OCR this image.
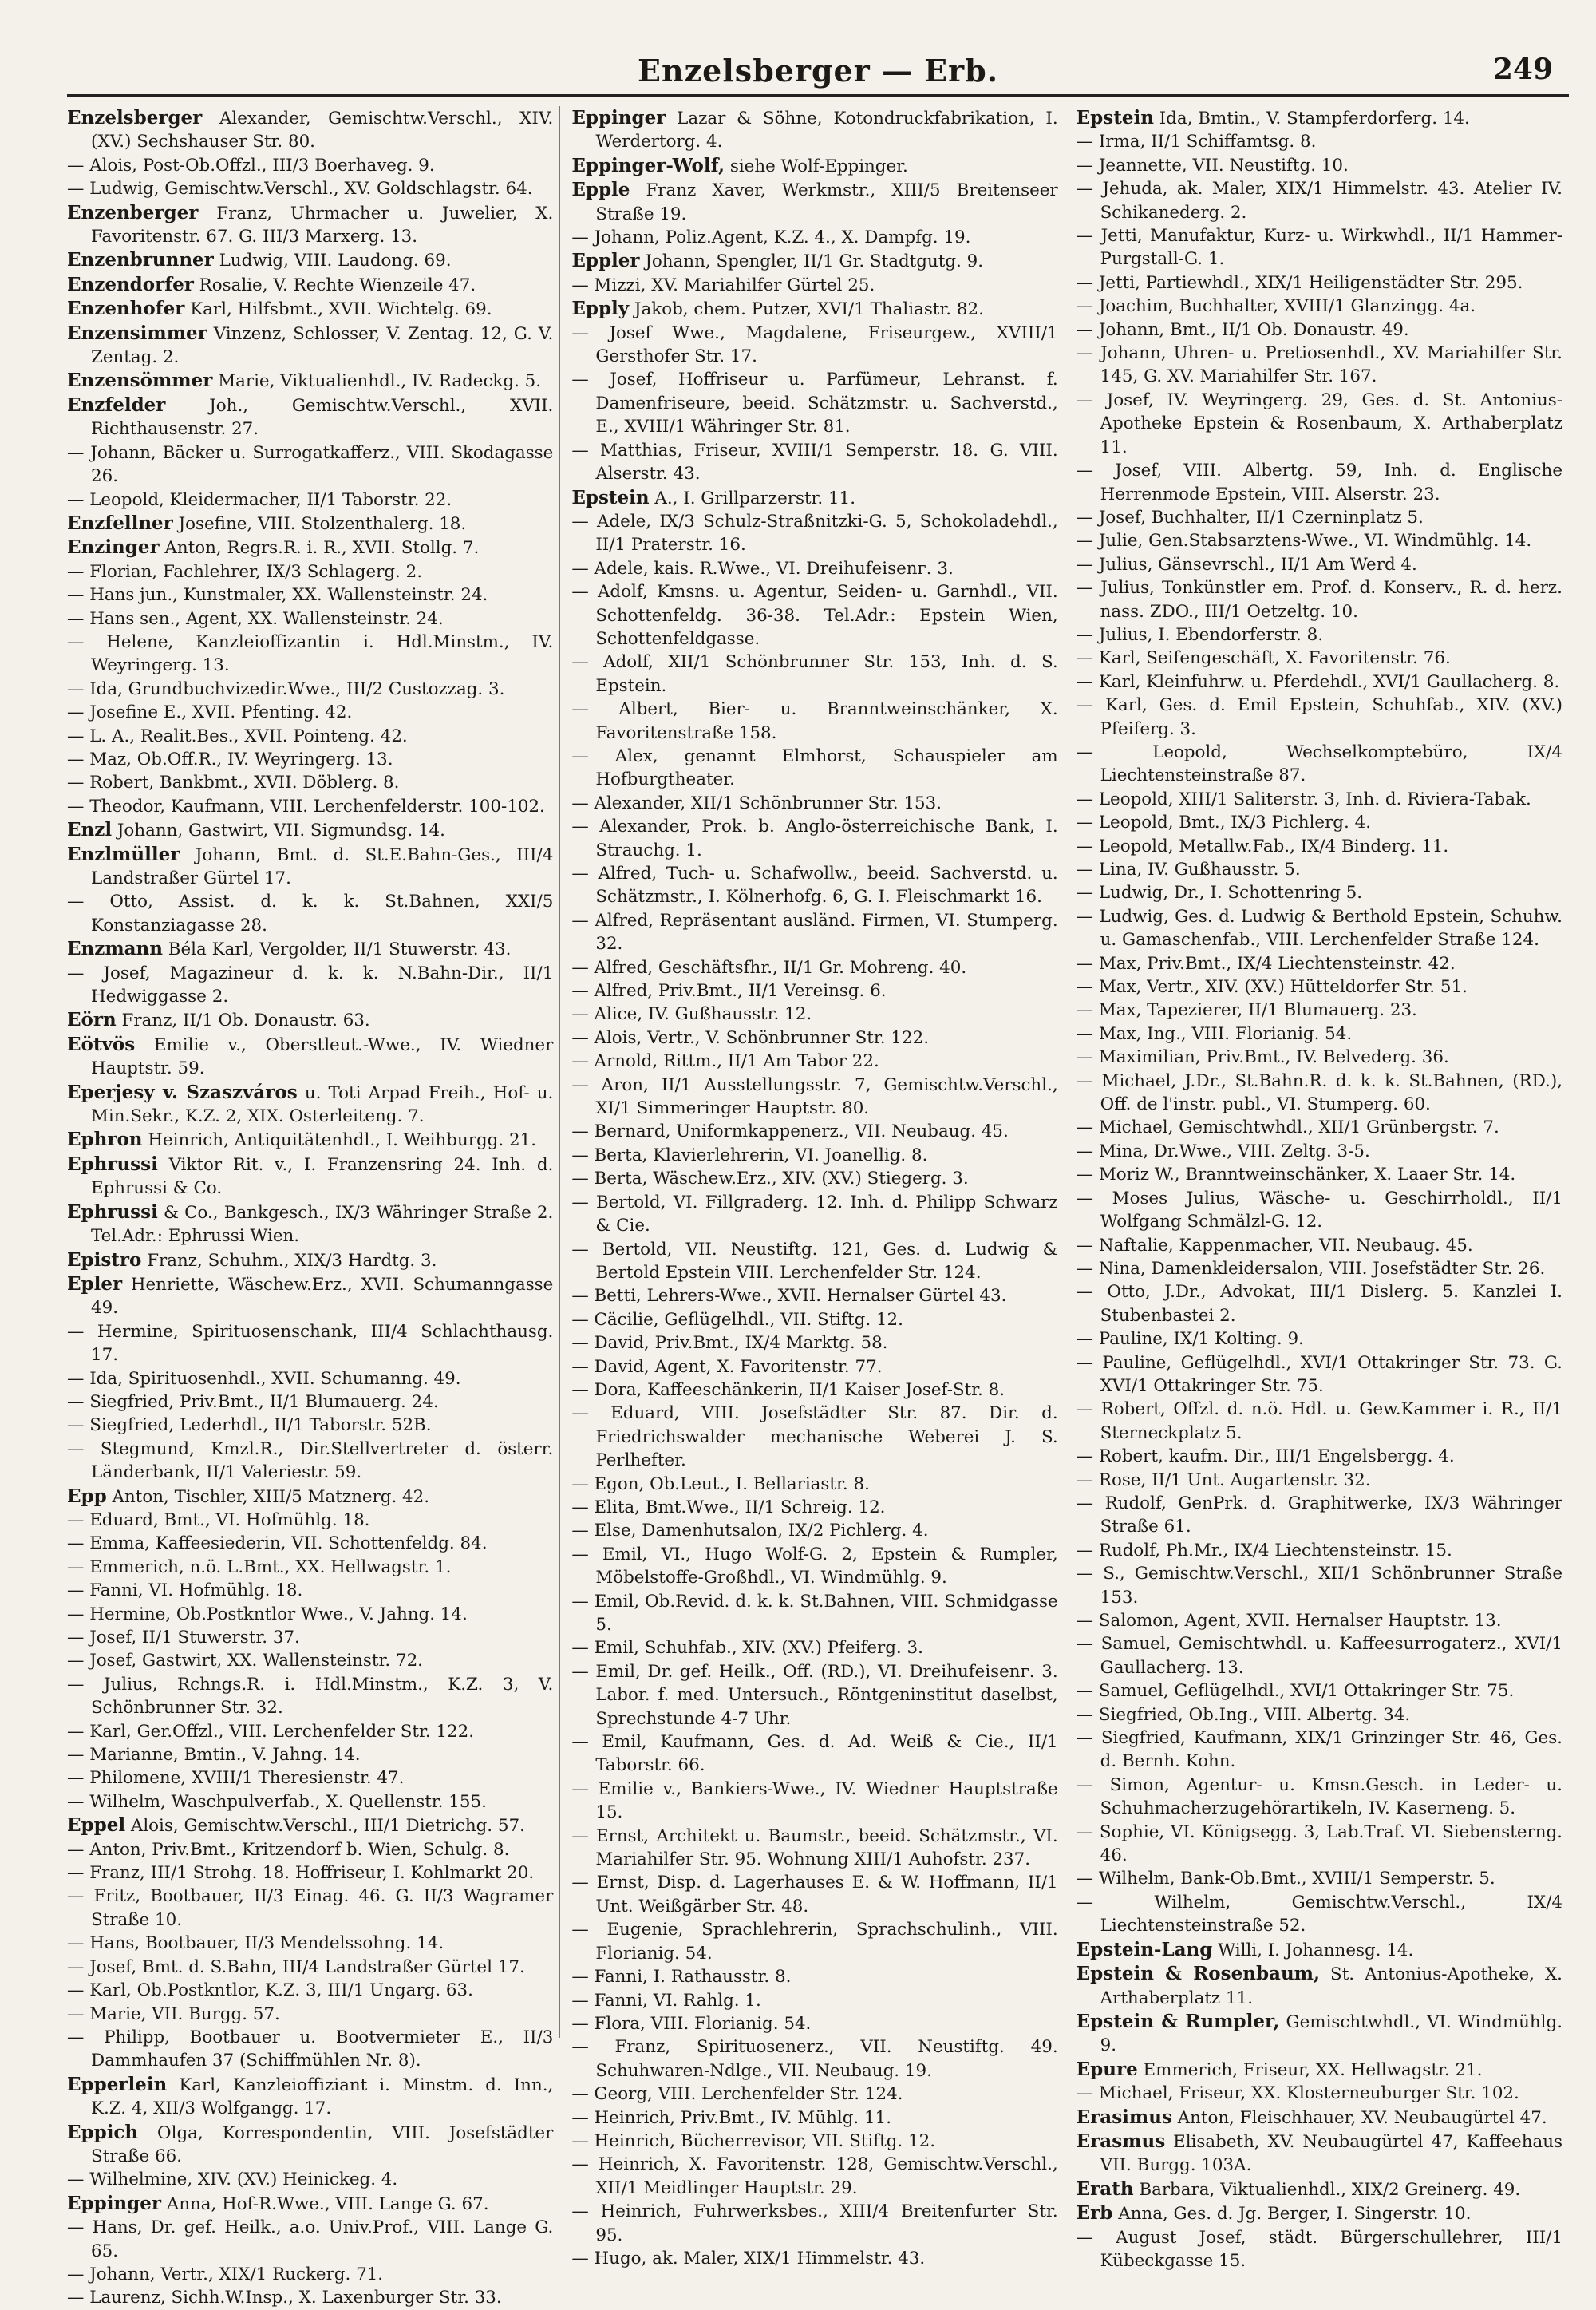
Enzelsberger — Erb.	249

Enzelsberger Alexander, Gemischtw.Verschl., XIV. (XV.) Sechshauser Str. 80.

— Alois, Post-Ob.Offzl., III/3 Boerhaveg. 9.

— Ludwig, Gemischtw.Verschl., XV. Goldschlagstr. 64.

Enzenberger Franz, Uhrmacher u. Juwelier, X. Favoritenstr. 67. G. III/3 Marxerg. 13.

Enzenbrunner Ludwig, VIII. Laudong. 69.

Enzendorfer Rosalie, V. Rechte Wienzeile 47.

Enzenhofer Karl, Hilfsbmt., XVII. Wichtelg. 69.

Enzensimmer Vinzenz, Schlosser, V. Zentag. 12, G. V. Zentag. 2.

Enzensömmer Marie, Viktualienhdl., IV. Radeckg. 5.

Enzfelder Joh., Gemischtw.Verschl., XVII. Richthausenstr. 27.

— Johann, Bäcker u. Surrogatkafferz., VIII. Skodagasse 26.

— Leopold, Kleidermacher, II/1 Taborstr. 22.

Enzfellner Josefine, VIII. Stolzenthalerg. 18.

Enzinger Anton, Regrs.R. i. R., XVII. Stollg. 7.

— Florian, Fachlehrer, IX/3 Schlagerg. 2.

— Hans jun., Kunstmaler, XX. Wallensteinstr. 24.

— Hans sen., Agent, XX. Wallensteinstr. 24.

— Helene, Kanzleioffizantin i. Hdl.Minstm., IV. Weyringerg. 13.

— Ida, Grundbuchvizedir.Wwe., III/2 Custozzag. 3.

— Josefine E., XVII. Pfenting. 42.

— L. A., Realit.Bes., XVII. Pointeng. 42.

— Maz, Ob.Off.R., IV. Weyringerg. 13.

— Robert, Bankbmt., XVII. Döblerg. 8.

— Theodor, Kaufmann, VIII. Lerchenfelderstr. 100-102.

Enzl Johann, Gastwirt, VII. Sigmundsg. 14.

Enzlmüller Johann, Bmt. d. St.E.Bahn-Ges., III/4 Landstraßer Gürtel 17.

— Otto, Assist. d. k. k. St.Bahnen, XXI/5 Konstanziagasse 28.

Enzmann Béla Karl, Vergolder, II/1 Stuwerstr. 43.

— Josef, Magazineur d. k. k. N.Bahn-Dir., II/1 Hedwiggasse 2.

Eörn Franz, II/1 Ob. Donaustr. 63.

Eötvös Emilie v., Oberstleut.-Wwe., IV. Wiedner Hauptstr. 59.

Eperjesy v. Szaszváros u. Toti Arpad Freih., Hof- u. Min.Sekr., K.Z. 2, XIX. Osterleiteng. 7.

Ephron Heinrich, Antiquitätenhdl., I. Weihburgg. 21.

Ephrussi Viktor Rit. v., I. Franzensring 24. Inh. d. Ephrussi & Co.

Ephrussi & Co., Bankgesch., IX/3 Währinger Straße 2. Tel.Adr.: Ephrussi Wien.

Epistro Franz, Schuhm., XIX/3 Hardtg. 3.

Epler Henriette, Wäschew.Erz., XVII. Schumanngasse 49.

— Hermine, Spirituosenschank, III/4 Schlachthausg. 17.

— Ida, Spirituosenhdl., XVII. Schumanng. 49.

— Siegfried, Priv.Bmt., II/1 Blumauerg. 24.

— Siegfried, Lederhdl., II/1 Taborstr. 52B.

— Stegmund, Kmzl.R., Dir.Stellvertreter d. österr. Länderbank, II/1 Valeriestr. 59.

Epp Anton, Tischler, XIII/5 Matznerg. 42.

— Eduard, Bmt., VI. Hofmühlg. 18.

— Emma, Kaffeesiederin, VII. Schottenfeldg. 84.

— Emmerich, n.ö. L.Bmt., XX. Hellwagstr. 1.

— Fanni, VI. Hofmühlg. 18.

— Hermine, Ob.Postkntlor Wwe., V. Jahng. 14.

— Josef, II/1 Stuwerstr. 37.

— Josef, Gastwirt, XX. Wallensteinstr. 72.

— Julius, Rchngs.R. i. Hdl.Minstm., K.Z. 3, V. Schönbrunner Str. 32.

— Karl, Ger.Offzl., VIII. Lerchenfelder Str. 122.

— Marianne, Bmtin., V. Jahng. 14.

— Philomene, XVIII/1 Theresienstr. 47.

— Wilhelm, Waschpulverfab., X. Quellenstr. 155.

Eppel Alois, Gemischtw.Verschl., III/1 Dietrichg. 57.

— Anton, Priv.Bmt., Kritzendorf b. Wien, Schulg. 8.

— Franz, III/1 Strohg. 18. Hoffriseur, I. Kohlmarkt 20.

— Fritz, Bootbauer, II/3 Einag. 46. G. II/3 Wagramer Straße 10.

— Hans, Bootbauer, II/3 Mendelssohng. 14.

— Josef, Bmt. d. S.Bahn, III/4 Landstraßer Gürtel 17.

— Karl, Ob.Postkntlor, K.Z. 3, III/1 Ungarg. 63.

— Marie, VII. Burgg. 57.

— Philipp, Bootbauer u. Bootvermieter E., II/3 Dammhaufen 37 (Schiffmühlen Nr. 8).

Epperlein Karl, Kanzleioffiziant i. Minstm. d. Inn., K.Z. 4, XII/3 Wolfgangg. 17.

Eppich Olga, Korrespondentin, VIII. Josefstädter Straße 66.

— Wilhelmine, XIV. (XV.) Heinickeg. 4.

Eppinger Anna, Hof-R.Wwe., VIII. Lange G. 67.

— Hans, Dr. gef. Heilk., a.o. Univ.Prof., VIII. Lange G. 65.

— Johann, Vertr., XIX/1 Ruckerg. 71.

— Laurenz, Sichh.W.Insp., X. Laxenburger Str. 33.

Eppinger Lazar & Söhne, Kotondruckfabrikation, I. Werdertorg. 4.

Eppinger-Wolf, siehe Wolf-Eppinger.

Epple Franz Xaver, Werkmstr., XIII/5 Breitenseer Straße 19.

— Johann, Poliz.Agent, K.Z. 4., X. Dampfg. 19.

Eppler Johann, Spengler, II/1 Gr. Stadtgutg. 9.

— Mizzi, XV. Mariahilfer Gürtel 25.

Epply Jakob, chem. Putzer, XVI/1 Thaliastr. 82.

— Josef Wwe., Magdalene, Friseurgew., XVIII/1 Gersthofer Str. 17.

— Josef, Hoffriseur u. Parfümeur, Lehranst. f. Damenfriseure, beeid. Schätzmstr. u. Sachverstd., E., XVIII/1 Währinger Str. 81.

— Matthias, Friseur, XVIII/1 Semperstr. 18. G. VIII. Alserstr. 43.

Epstein A., I. Grillparzerstr. 11.

— Adele, IX/3 Schulz-Straßnitzki-G. 5, Schokoladehdl., II/1 Praterstr. 16.

— Adele, kais. R.Wwe., VI. Dreihufeisenг. 3.

— Adolf, Kmsns. u. Agentur, Seiden- u. Garnhdl., VII. Schottenfeldg. 36-38. Tel.Adr.: Epstein Wien, Schottenfeldgasse.

— Adolf, XII/1 Schönbrunner Str. 153, Inh. d. S. Epstein.

— Albert, Bier- u. Branntweinschänker, X. Favoritenstraße 158.

— Alex, genannt Elmhorst, Schauspieler am Hofburgtheater.

— Alexander, XII/1 Schönbrunner Str. 153.

— Alexander, Prok. b. Anglo-österreichische Bank, I. Strauchg. 1.

— Alfred, Tuch- u. Schafwollw., beeid. Sachverstd. u. Schätzmstr., I. Kölnerhofg. 6, G. I. Fleischmarkt 16.

— Alfred, Repräsentant ausländ. Firmen, VI. Stumperg. 32.

— Alfred, Geschäftsfhr., II/1 Gr. Mohreng. 40.

— Alfred, Priv.Bmt., II/1 Vereinsg. 6.

— Alice, IV. Gußhausstr. 12.

— Alois, Vertr., V. Schönbrunner Str. 122.

— Arnold, Rittm., II/1 Am Tabor 22.

— Aron, II/1 Ausstellungsstr. 7, Gemischtw.Verschl., XI/1 Simmeringer Hauptstr. 80.

— Bernard, Uniformkappenerz., VII. Neubaug. 45.

— Berta, Klavierlehrerin, VI. Joanellig. 8.

— Berta, Wäschew.Erz., XIV. (XV.) Stiegerg. 3.

— Bertold, VI. Fillgraderg. 12. Inh. d. Philipp Schwarz & Cie.

— Bertold, VII. Neustiftg. 121, Ges. d. Ludwig & Bertold Epstein VIII. Lerchenfelder Str. 124.

— Betti, Lehrers-Wwe., XVII. Hernalser Gürtel 43.

— Cäcilie, Geflügelhdl., VII. Stiftg. 12.

— David, Priv.Bmt., IX/4 Marktg. 58.

— David, Agent, X. Favoritenstr. 77.

— Dora, Kaffeeschänkerin, II/1 Kaiser Josef-Str. 8.

— Eduard, VIII. Josefstädter Str. 87. Dir. d. Friedrichswalder mechanische Weberei J. S. Perlhefter.

— Egon, Ob.Leut., I. Bellariastr. 8.

— Elita, Bmt.Wwe., II/1 Schreig. 12.

— Else, Damenhutsalon, IX/2 Pichlerg. 4.

— Emil, VI., Hugo Wolf-G. 2, Epstein & Rumpler, Möbelstoffe-Großhdl., VI. Windmühlg. 9.

— Emil, Ob.Revid. d. k. k. St.Bahnen, VIII. Schmidgasse 5.

— Emil, Schuhfab., XIV. (XV.) Pfeiferg. 3.

— Emil, Dr. gef. Heilk., Off. (RD.), VI. Dreihufeisenг. 3. Labor. f. med. Untersuch., Röntgeninstitut daselbst, Sprechstunde 4-7 Uhr.

— Emil, Kaufmann, Ges. d. Ad. Weiß & Cie., II/1 Taborstr. 66.

— Emilie v., Bankiers-Wwe., IV. Wiedner Hauptstraße 15.

— Ernst, Architekt u. Baumstr., beeid. Schätzmstr., VI. Mariahilfer Str. 95. Wohnung XIII/1 Auhofstr. 237.

— Ernst, Disp. d. Lagerhauses E. & W. Hoffmann, II/1 Unt. Weißgärber Str. 48.

— Eugenie, Sprachlehrerin, Sprachschulinh., VIII. Florianig. 54.

— Fanni, I. Rathausstr. 8.

— Fanni, VI. Rahlg. 1.

— Flora, VIII. Florianig. 54.

— Franz, Spirituosenerz., VII. Neustiftg. 49. Schuhwaren-Ndlge., VII. Neubaug. 19.

— Georg, VIII. Lerchenfelder Str. 124.

— Heinrich, Priv.Bmt., IV. Mühlg. 11.

— Heinrich, Bücherrevisor, VII. Stiftg. 12.

— Heinrich, X. Favoritenstr. 128, Gemischtw.Verschl., XII/1 Meidlinger Hauptstr. 29.

— Heinrich, Fuhrwerksbes., XIII/4 Breitenfurter Str. 95.

— Hugo, ak. Maler, XIX/1 Himmelstr. 43.

Epstein Ida, Bmtin., V. Stampferdorferg. 14.

— Irma, II/1 Schiffamtsg. 8.

— Jeannette, VII. Neustiftg. 10.

— Jehuda, ak. Maler, XIX/1 Himmelstr. 43. Atelier IV. Schikanederg. 2.

— Jetti, Manufaktur, Kurz- u. Wirkwhdl., II/1 Hammer-Purgstall-G. 1.

— Jetti, Partiewhdl., XIX/1 Heiligenstädter Str. 295.

— Joachim, Buchhalter, XVIII/1 Glanzingg. 4a.

— Johann, Bmt., II/1 Ob. Donaustr. 49.

— Johann, Uhren- u. Pretiosenhdl., XV. Mariahilfer Str. 145, G. XV. Mariahilfer Str. 167.

— Josef, IV. Weyringerg. 29, Ges. d. St. Antonius-Apotheke Epstein & Rosenbaum, X. Arthaberplatz 11.

— Josef, VIII. Albertg. 59, Inh. d. Englische Herrenmode Epstein, VIII. Alserstr. 23.

— Josef, Buchhalter, II/1 Czerninplatz 5.

— Julie, Gen.Stabsarztens-Wwe., VI. Windmühlg. 14.

— Julius, Gänsevrschl., II/1 Am Werd 4.

— Julius, Tonkünstler em. Prof. d. Konserv., R. d. herz. nass. ZDO., III/1 Oetzeltg. 10.

— Julius, I. Ebendorferstr. 8.

— Karl, Seifengeschäft, X. Favoritenstr. 76.

— Karl, Kleinfuhrw. u. Pferdehdl., XVI/1 Gaullacherg. 8.

— Karl, Ges. d. Emil Epstein, Schuhfab., XIV. (XV.) Pfeiferg. 3.

— Leopold, Wechselkomptebüro, IX/4 Liechtensteinstraße 87.

— Leopold, XIII/1 Saliterstr. 3, Inh. d. Riviera-Tabak.

— Leopold, Bmt., IX/3 Pichlerg. 4.

— Leopold, Metallw.Fab., IX/4 Binderg. 11.

— Lina, IV. Gußhausstr. 5.

— Ludwig, Dr., I. Schottenring 5.

— Ludwig, Ges. d. Ludwig & Berthold Epstein, Schuhw. u. Gamaschenfab., VIII. Lerchenfelder Straße 124.

— Max, Priv.Bmt., IX/4 Liechtensteinstr. 42.

— Max, Vertr., XIV. (XV.) Hütteldorfer Str. 51.

— Max, Tapezierer, II/1 Blumauerg. 23.

— Max, Ing., VIII. Florianig. 54.

— Maximilian, Priv.Bmt., IV. Belvederg. 36.

— Michael, J.Dr., St.Bahn.R. d. k. k. St.Bahnen, (RD.), Off. de l'instr. publ., VI. Stumperg. 60.

— Michael, Gemischtwhdl., XII/1 Grünbergstr. 7.

— Mina, Dr.Wwe., VIII. Zeltg. 3-5.

— Moriz W., Branntweinschänker, X. Laaer Str. 14.

— Moses Julius, Wäsche- u. Geschirrholdl., II/1 Wolfgang Schmälzl-G. 12.

— Naftalie, Kappenmacher, VII. Neubaug. 45.

— Nina, Damenkleidersalon, VIII. Josefstädter Str. 26.

— Otto, J.Dr., Advokat, III/1 Dislerg. 5. Kanzlei I. Stubenbastei 2.

— Pauline, IX/1 Kolting. 9.

— Pauline, Geflügelhdl., XVI/1 Ottakringer Str. 73. G. XVI/1 Ottakringer Str. 75.

— Robert, Offzl. d. n.ö. Hdl. u. Gew.Kammer i. R., II/1 Sterneckplatz 5.

— Robert, kaufm. Dir., III/1 Engelsbergg. 4.

— Rose, II/1 Unt. Augartenstr. 32.

— Rudolf, GenPrk. d. Graphitwerke, IX/3 Währinger Straße 61.

— Rudolf, Ph.Mr., IX/4 Liechtensteinstr. 15.

— S., Gemischtw.Verschl., XII/1 Schönbrunner Straße 153.

— Salomon, Agent, XVII. Hernalser Hauptstr. 13.

— Samuel, Gemischtwhdl. u. Kaffeesurrogaterz., XVI/1 Gaullacherg. 13.

— Samuel, Geflügelhdl., XVI/1 Ottakringer Str. 75.

— Siegfried, Ob.Ing., VIII. Albertg. 34.

— Siegfried, Kaufmann, XIX/1 Grinzinger Str. 46, Ges. d. Bernh. Kohn.

— Simon, Agentur- u. Kmsn.Gesch. in Leder- u. Schuhmacherzugehörartikeln, IV. Kaserneng. 5.

— Sophie, VI. Königsegg. 3, Lab.Traf. VI. Siebensterng. 46.

— Wilhelm, Bank-Ob.Bmt., XVIII/1 Semperstr. 5.

— Wilhelm, Gemischtw.Verschl., IX/4 Liechtensteinstraße 52.

Epstein-Lang Willi, I. Johannesg. 14.

Epstein & Rosenbaum, St. Antonius-Apotheke, X. Arthaberplatz 11.

Epstein & Rumpler, Gemischtwhdl., VI. Windmühlg. 9.

Epure Emmerich, Friseur, XX. Hellwagstr. 21.

— Michael, Friseur, XX. Klosterneuburger Str. 102.

Erasimus Anton, Fleischhauer, XV. Neubaugürtel 47.

Erasmus Elisabeth, XV. Neubaugürtel 47, Kaffeehaus VII. Burgg. 103A.

Erath Barbara, Viktualienhdl., XIX/2 Greinerg. 49.

Erb Anna, Ges. d. Jg. Berger, I. Singerstr. 10.

— August Josef, städt. Bürgerschullehrer, III/1 Kübeckgasse 15.
